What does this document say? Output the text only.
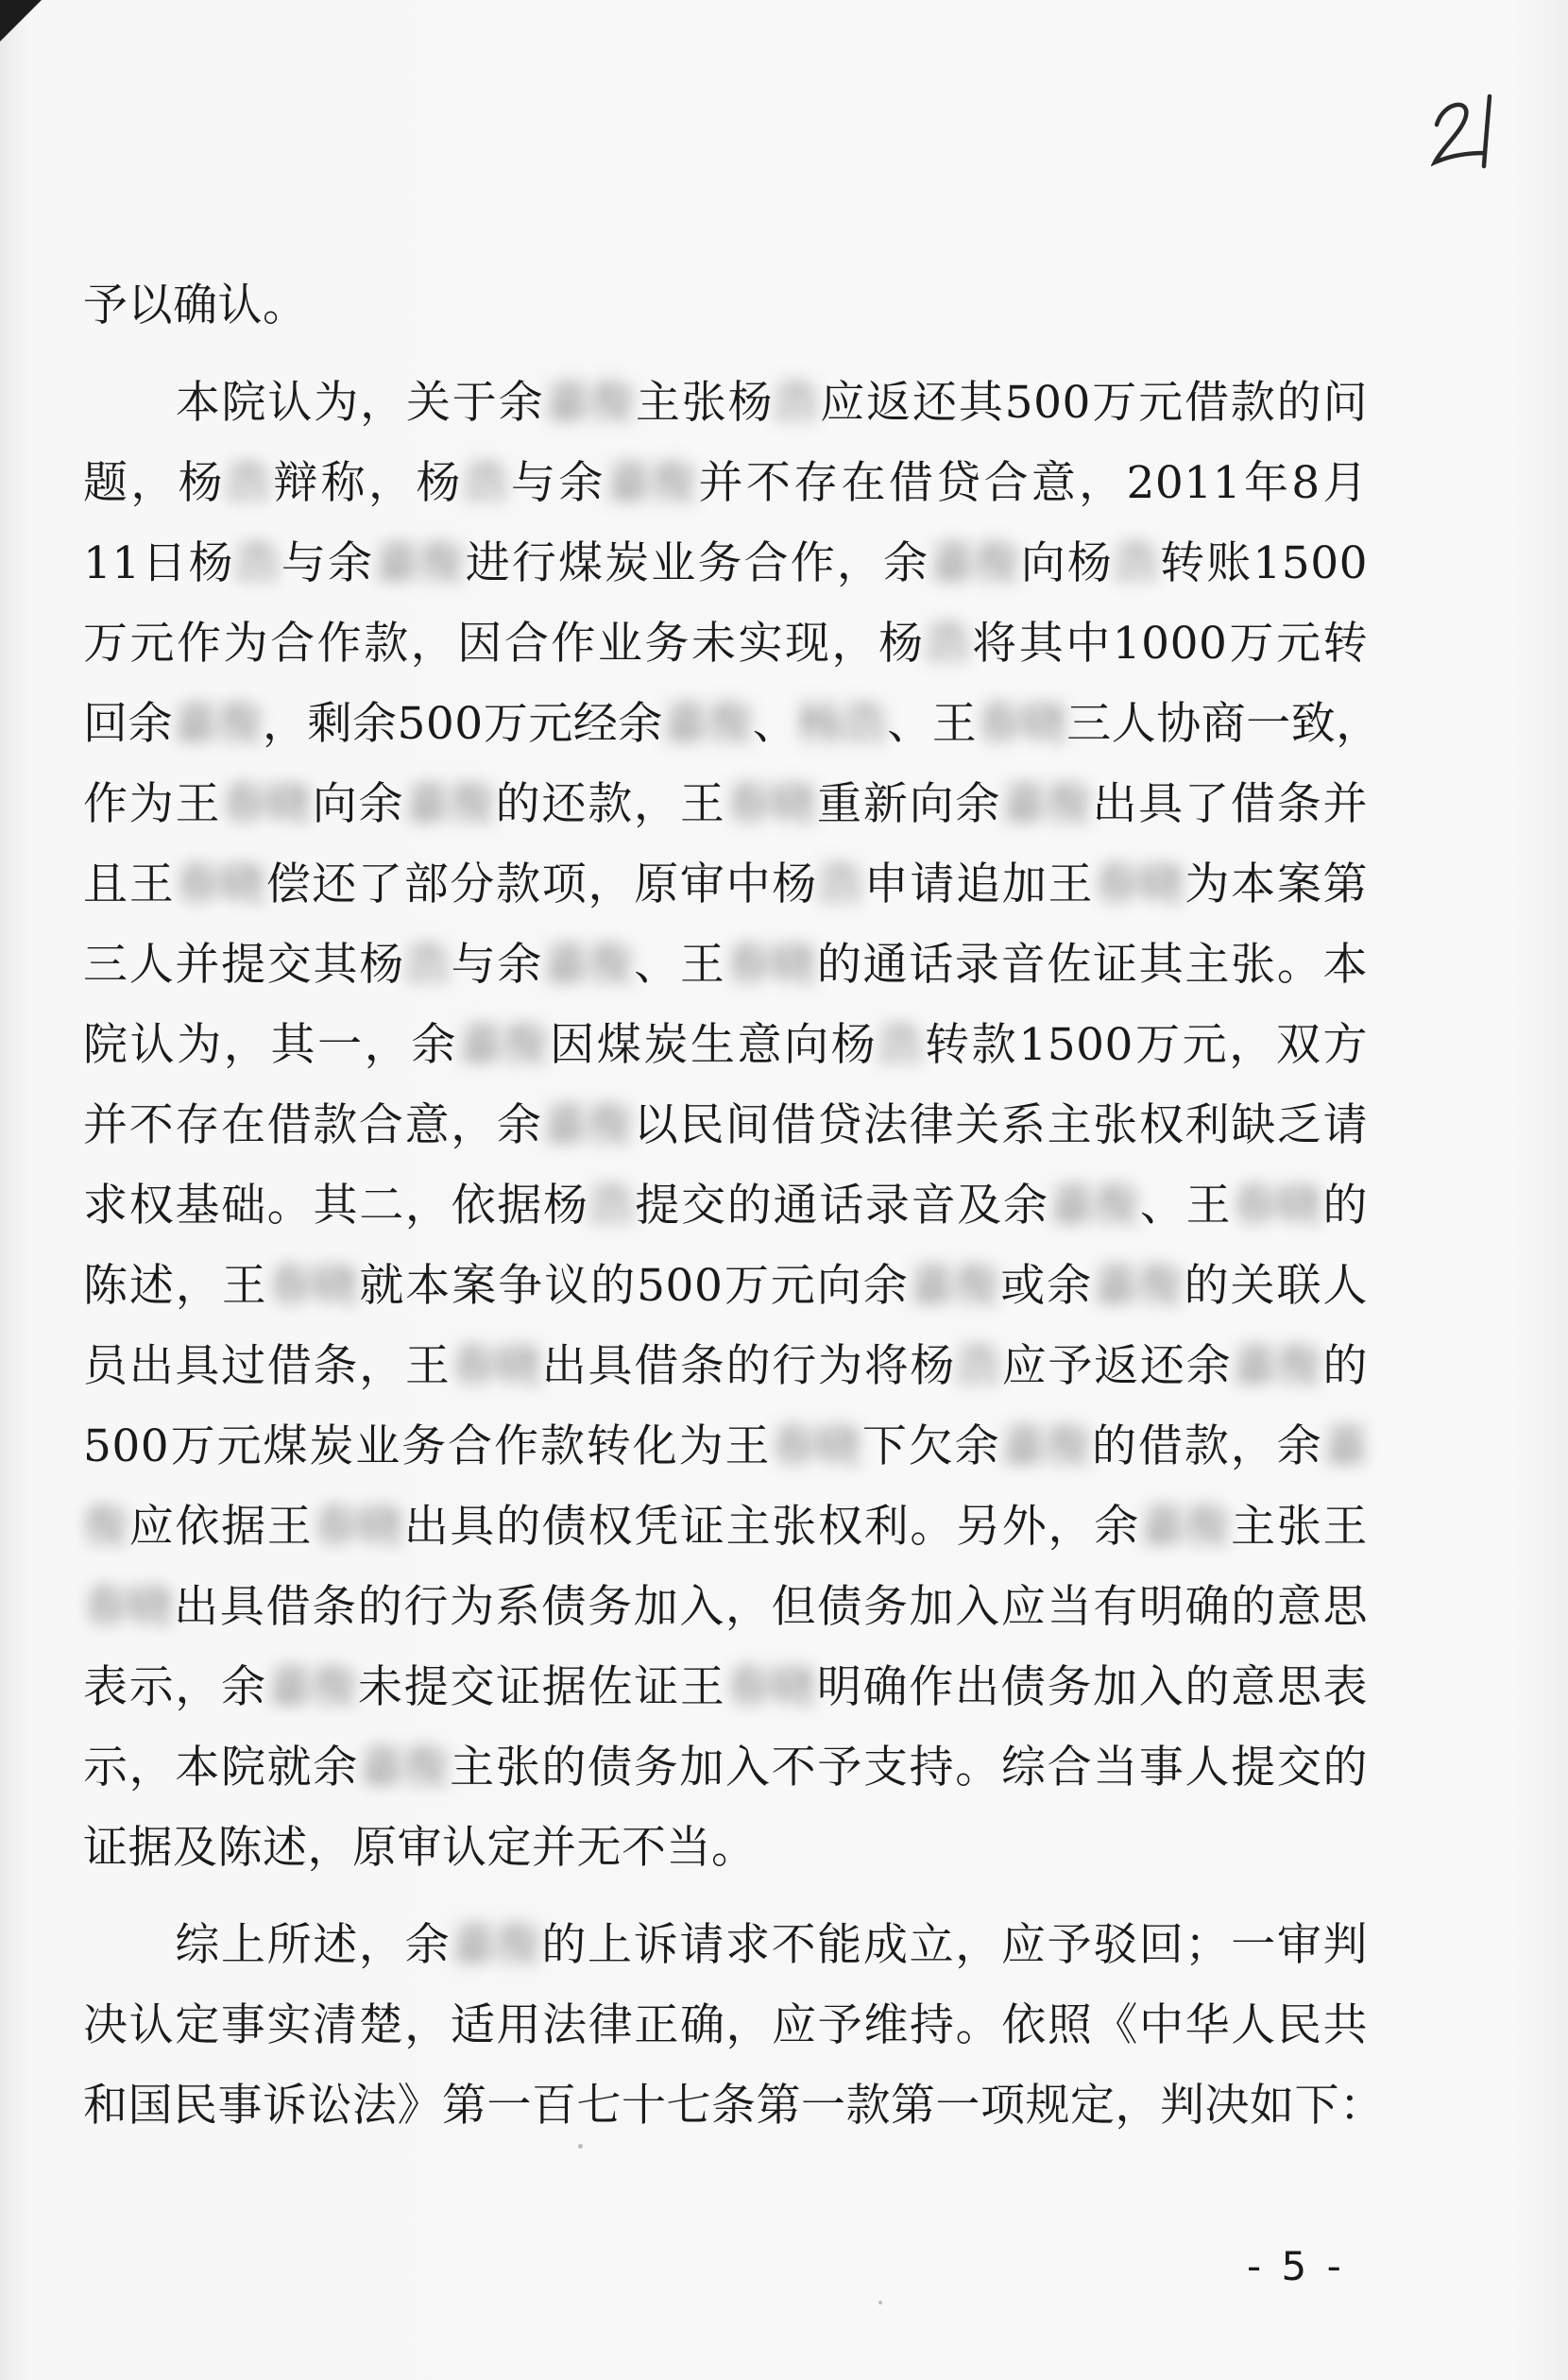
予以确认。
　　本院认为，关于余嘉俊主张杨浩应返还其500万元借款的问
题，杨浩辩称，杨浩与余嘉俊并不存在借贷合意，2011年8月
11日杨浩与余嘉俊进行煤炭业务合作，余嘉俊向杨浩转账1500
万元作为合作款，因合作业务未实现，杨浩将其中1000万元转
回余嘉俊，剩余500万元经余嘉俊、杨浩、王春晓三人协商一致，
作为王春晓向余嘉俊的还款，王春晓重新向余嘉俊出具了借条并
且王春晓偿还了部分款项，原审中杨浩申请追加王春晓为本案第
三人并提交其杨浩与余嘉俊、王春晓的通话录音佐证其主张。本
院认为，其一，余嘉俊因煤炭生意向杨浩转款1500万元，双方
并不存在借款合意，余嘉俊以民间借贷法律关系主张权利缺乏请
求权基础。其二，依据杨浩提交的通话录音及余嘉俊、王春晓的
陈述，王春晓就本案争议的500万元向余嘉俊或余嘉俊的关联人
员出具过借条，王春晓出具借条的行为将杨浩应予返还余嘉俊的
500万元煤炭业务合作款转化为王春晓下欠余嘉俊的借款，余嘉
俊应依据王春晓出具的债权凭证主张权利。另外，余嘉俊主张王
春晓出具借条的行为系债务加入，但债务加入应当有明确的意思
表示，余嘉俊未提交证据佐证王春晓明确作出债务加入的意思表
示，本院就余嘉俊主张的债务加入不予支持。综合当事人提交的
证据及陈述，原审认定并无不当。
　　综上所述，余嘉俊的上诉请求不能成立，应予驳回；一审判
决认定事实清楚，适用法律正确，应予维持。依照《中华人民共
和国民事诉讼法》第一百七十七条第一款第一项规定，判决如下：
- 5 -
